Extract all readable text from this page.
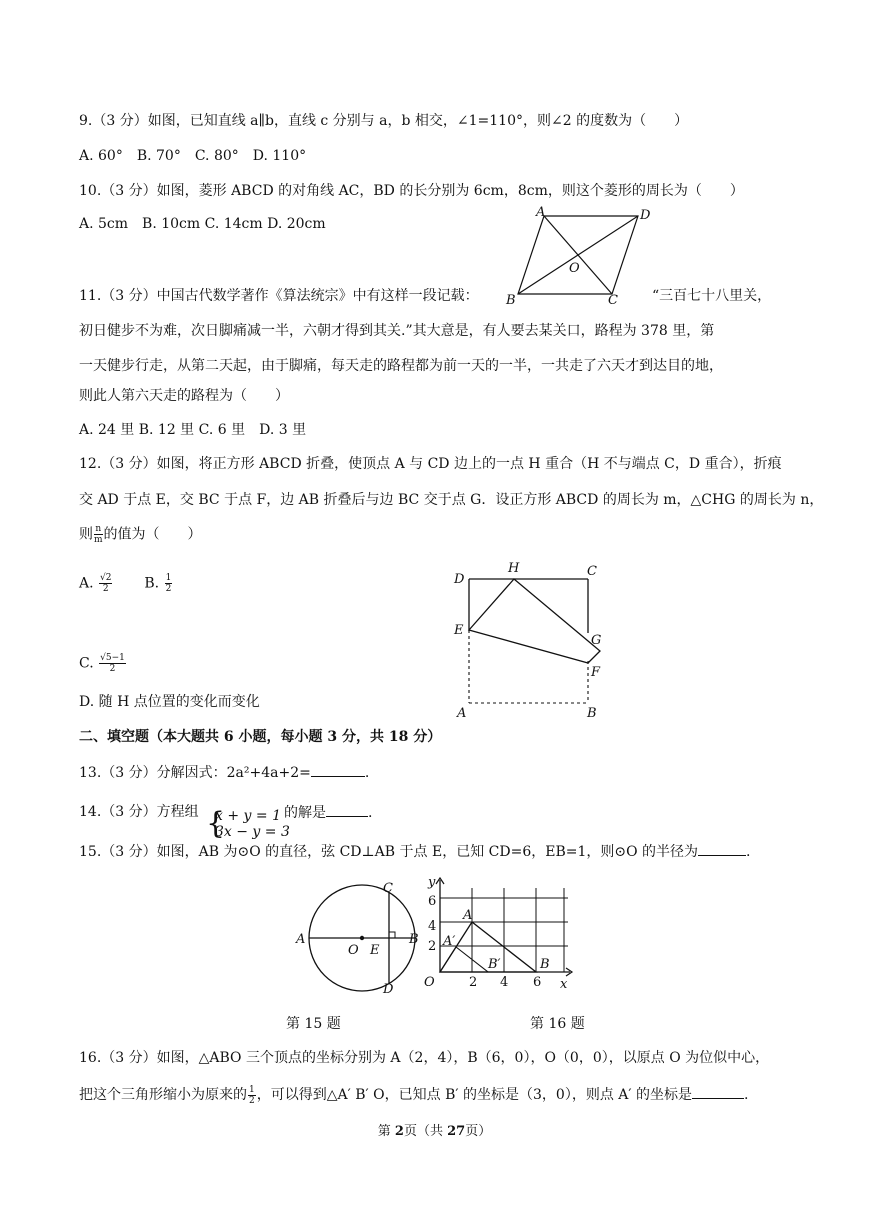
9.（3 分）如图，已知直线 a∥b，直线 c 分别与 a，b 相交，∠1=110°，则∠2 的度数为（　　）
A. 60°　B. 70°　C. 80°　D. 110°
10.（3 分）如图，菱形 ABCD 的对角线 AC，BD 的长分别为 6cm，8cm，则这个菱形的周长为（　　）
A. 5cm　B. 10cm C. 14cm D. 20cm
A	D
O
B	C
11.（3 分）中国古代数学著作《算法统宗》中有这样一段记载：	“三百七十八里关，
初日健步不为难，次日脚痛减一半，六朝才得到其关.”其大意是，有人要去某关口，路程为 378 里，第
一天健步行走，从第二天起，由于脚痛，每天走的路程都为前一天的一半，一共走了六天才到达目的地，
则此人第六天走的路程为（　　）
A. 24 里 B. 12 里 C. 6 里　D. 3 里
12.（3 分）如图，将正方形 ABCD 折叠，使顶点 A 与 CD 边上的一点 H 重合（H 不与端点 C，D 重合），折痕
交 AD 于点 E，交 BC 于点 F，边 AB 折叠后与边 BC 交于点 G．设正方形 ABCD 的周长为 m，△CHG 的周长为 n，
则 $\frac{n}{m}$ 的值为（　　）
A. $\frac{√2}{2} B$. $\frac{1}{2}$
C. $\frac{√5-1}{2}$
D. 随 H 点位置的变化而变化
D
H	C
E
G
F
A	B
二、填空题（本大题共 6 小题，每小题 3 分，共 18 分）
13.（3 分）分解因式：2a²+4a+2=	.
14.（3 分）方程组 {
x + y = 1
3x − y = 3
的解是	.
15.（3 分）如图，AB 为⊙O 的直径，弦 CD⊥AB 于点 E，已知 CD=6，EB=1，则⊙O 的半径为	.
A	B
C
D
E
O
第 15 题
y
6
4
2
A
A′
B′	B
O	2 4 6 x
第 16 题
16.（3 分）如图，△ABO 三个顶点的坐标分别为 A（2，4），B（6，0），O（0，0），以原点 O 为位似中心，
把这个三角形缩小为原来的 $\frac{1}{2}$ ，可以得到△A′ B′ O，已知点 B′ 的坐标是（3，0），则点 A′ 的坐标是	.
第 2页（共 27页）
